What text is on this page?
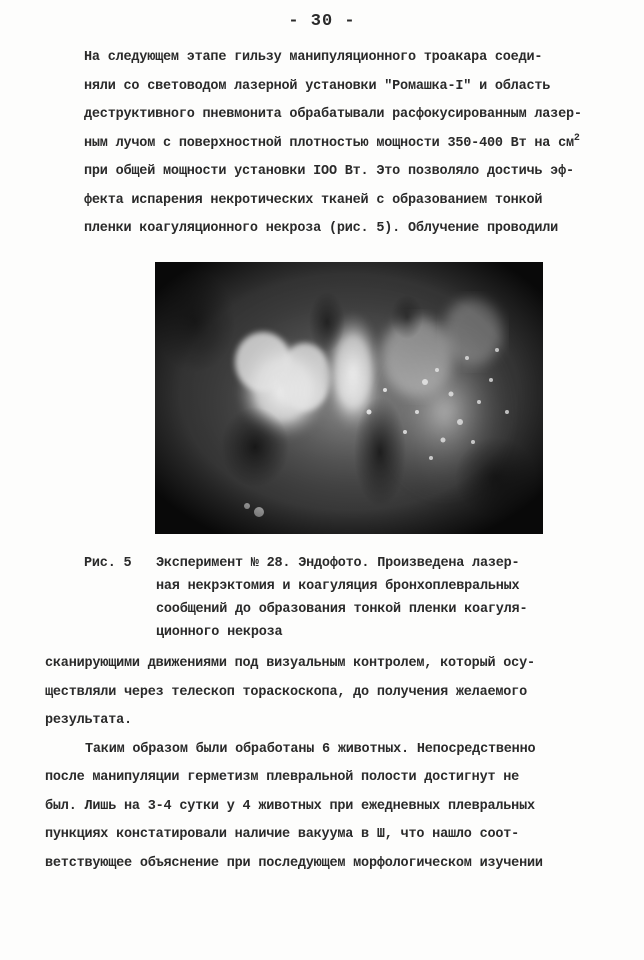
- 30 -
На следующем этапе гильзу манипуляционного троакара соеди-
няли со световодом лазерной установки "Ромашка-I" и область
деструктивного пневмонита обрабатывали расфокусированным лазер-
ным лучом с поверхностной плотностью мощности 350-400 Вт на $см^2$
при общей мощности установки IOO Вт. Это позволяло достичь эф-
фекта испарения некротических тканей с образованием тонкой
пленки коагуляционного некроза (рис. 5). Облучение проводили
Рис. 5 Эксперимент № 28. Эндофото. Произведена лазер-
ная некрэктомия и коагуляция бронхоплевральных
сообщений до образования тонкой пленки коагуля-
ционного некроза
сканирующими движениями под визуальным контролем, который осу-
ществляли через телескоп тораскоскопа, до получения желаемого
результата.
Таким образом были обработаны 6 животных. Непосредственно
после манипуляции герметизм плевральной полости достигнут не
был. Лишь на 3-4 сутки у 4 животных при ежедневных плевральных
пункциях констатировали наличие вакуума в Ш, что нашло соот-
ветствующее объяснение при последующем морфологическом изучении
